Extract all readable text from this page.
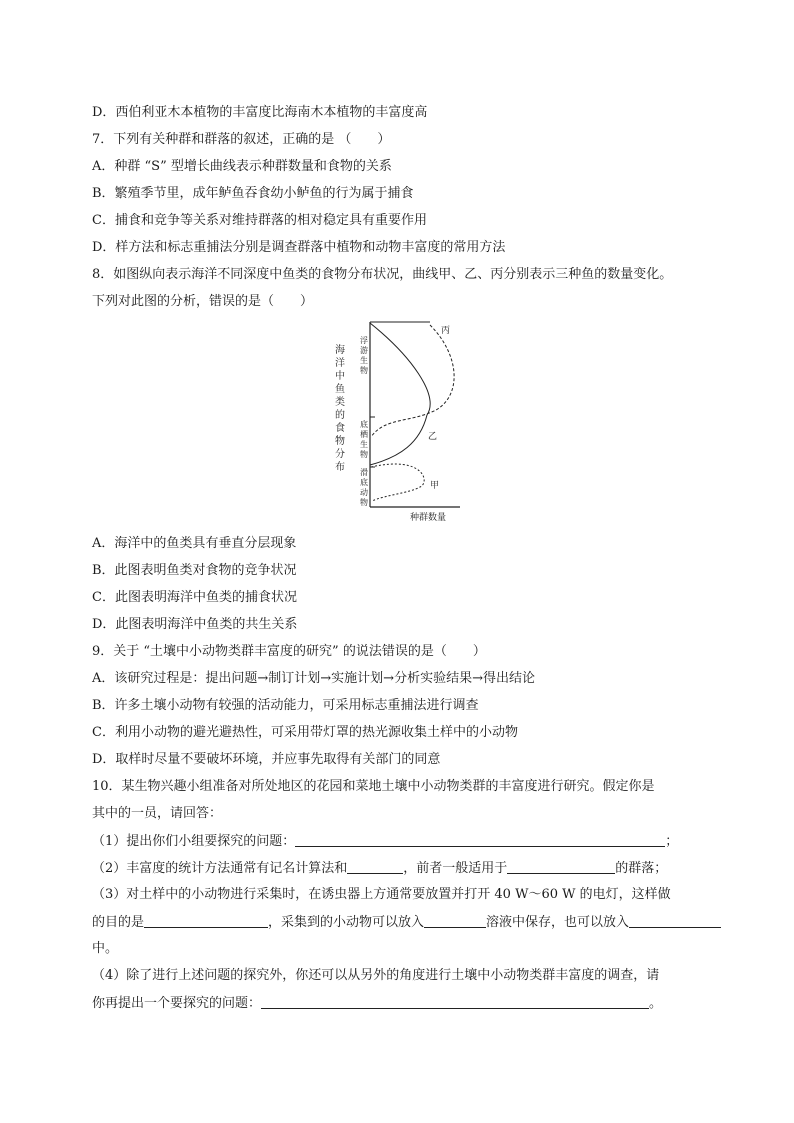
D．西伯利亚木本植物的丰富度比海南木本植物的丰富度高
7．下列有关种群和群落的叙述，正确的是 （　　）
A．种群 “S” 型增长曲线表示种群数量和食物的关系
B．繁殖季节里，成年鲈鱼吞食幼小鲈鱼的行为属于捕食
C．捕食和竞争等关系对维持群落的相对稳定具有重要作用
D．样方法和标志重捕法分别是调查群落中植物和动物丰富度的常用方法
8．如图纵向表示海洋不同深度中鱼类的食物分布状况，曲线甲、乙、丙分别表示三种鱼的数量变化。
下列对此图的分析，错误的是（　　）
海
洋
中
鱼
类
的
食
物
分
布
浮
游
生
物
底
栖
生
物
滑
底
动
物
丙
乙
甲
种群数量
A．海洋中的鱼类具有垂直分层现象
B．此图表明鱼类对食物的竞争状况
C．此图表明海洋中鱼类的捕食状况
D．此图表明海洋中鱼类的共生关系
9．关于 “土壤中小动物类群丰富度的研究” 的说法错误的是（　　）
A．该研究过程是：提出问题→制订计划→实施计划→分析实验结果→得出结论
B．许多土壤小动物有较强的活动能力，可采用标志重捕法进行调查
C．利用小动物的避光避热性，可采用带灯罩的热光源收集土样中的小动物
D．取样时尽量不要破坏环境，并应事先取得有关部门的同意
10．某生物兴趣小组准备对所处地区的花园和菜地土壤中小动物类群的丰富度进行研究。假定你是
其中的一员，请回答：
（1）提出你们小组要探究的问题：	；
（2）丰富度的统计方法通常有记名计算法和	，前者一般适用于	的群落；
（3）对土样中的小动物进行采集时，在诱虫器上方通常要放置并打开 40 W～60 W 的电灯，这样做
的目的是	，采集到的小动物可以放入	溶液中保存，也可以放入
中。
（4）除了进行上述问题的探究外，你还可以从另外的角度进行土壤中小动物类群丰富度的调查，请
你再提出一个要探究的问题：	。
